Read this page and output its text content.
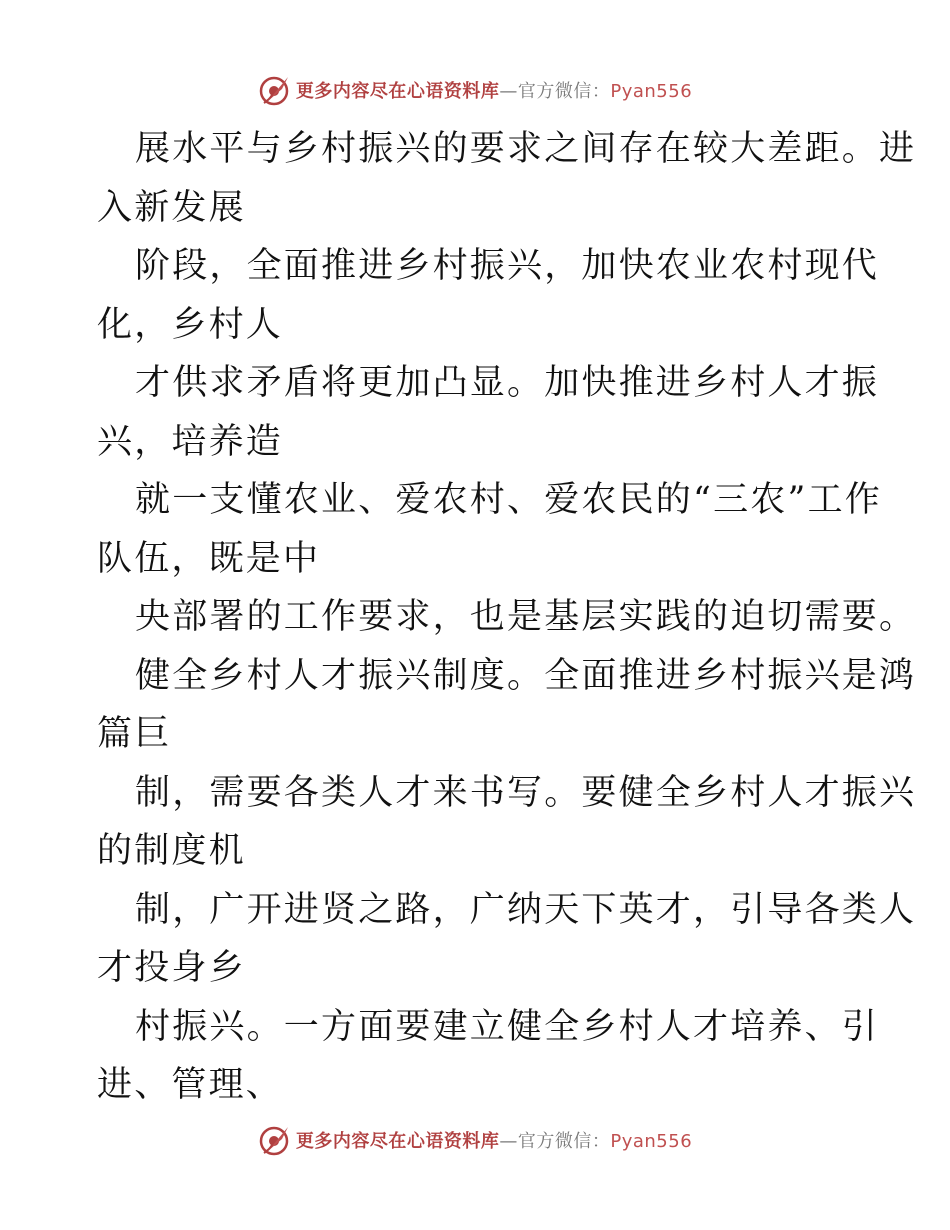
更多内容尽在心语资料库—官方微信：Pyan556
展水平与乡村振兴的要求之间存在较大差距。进
入新发展
阶段，全面推进乡村振兴，加快农业农村现代
化，乡村人
才供求矛盾将更加凸显。加快推进乡村人才振
兴，培养造
就一支懂农业、爱农村、爱农民的“三农”工作
队伍，既是中
央部署的工作要求，也是基层实践的迫切需要。
健全乡村人才振兴制度。全面推进乡村振兴是鸿
篇巨
制，需要各类人才来书写。要健全乡村人才振兴
的制度机
制，广开进贤之路，广纳天下英才，引导各类人
才投身乡
村振兴。一方面要建立健全乡村人才培养、引
进、管理、
更多内容尽在心语资料库—官方微信：Pyan556
